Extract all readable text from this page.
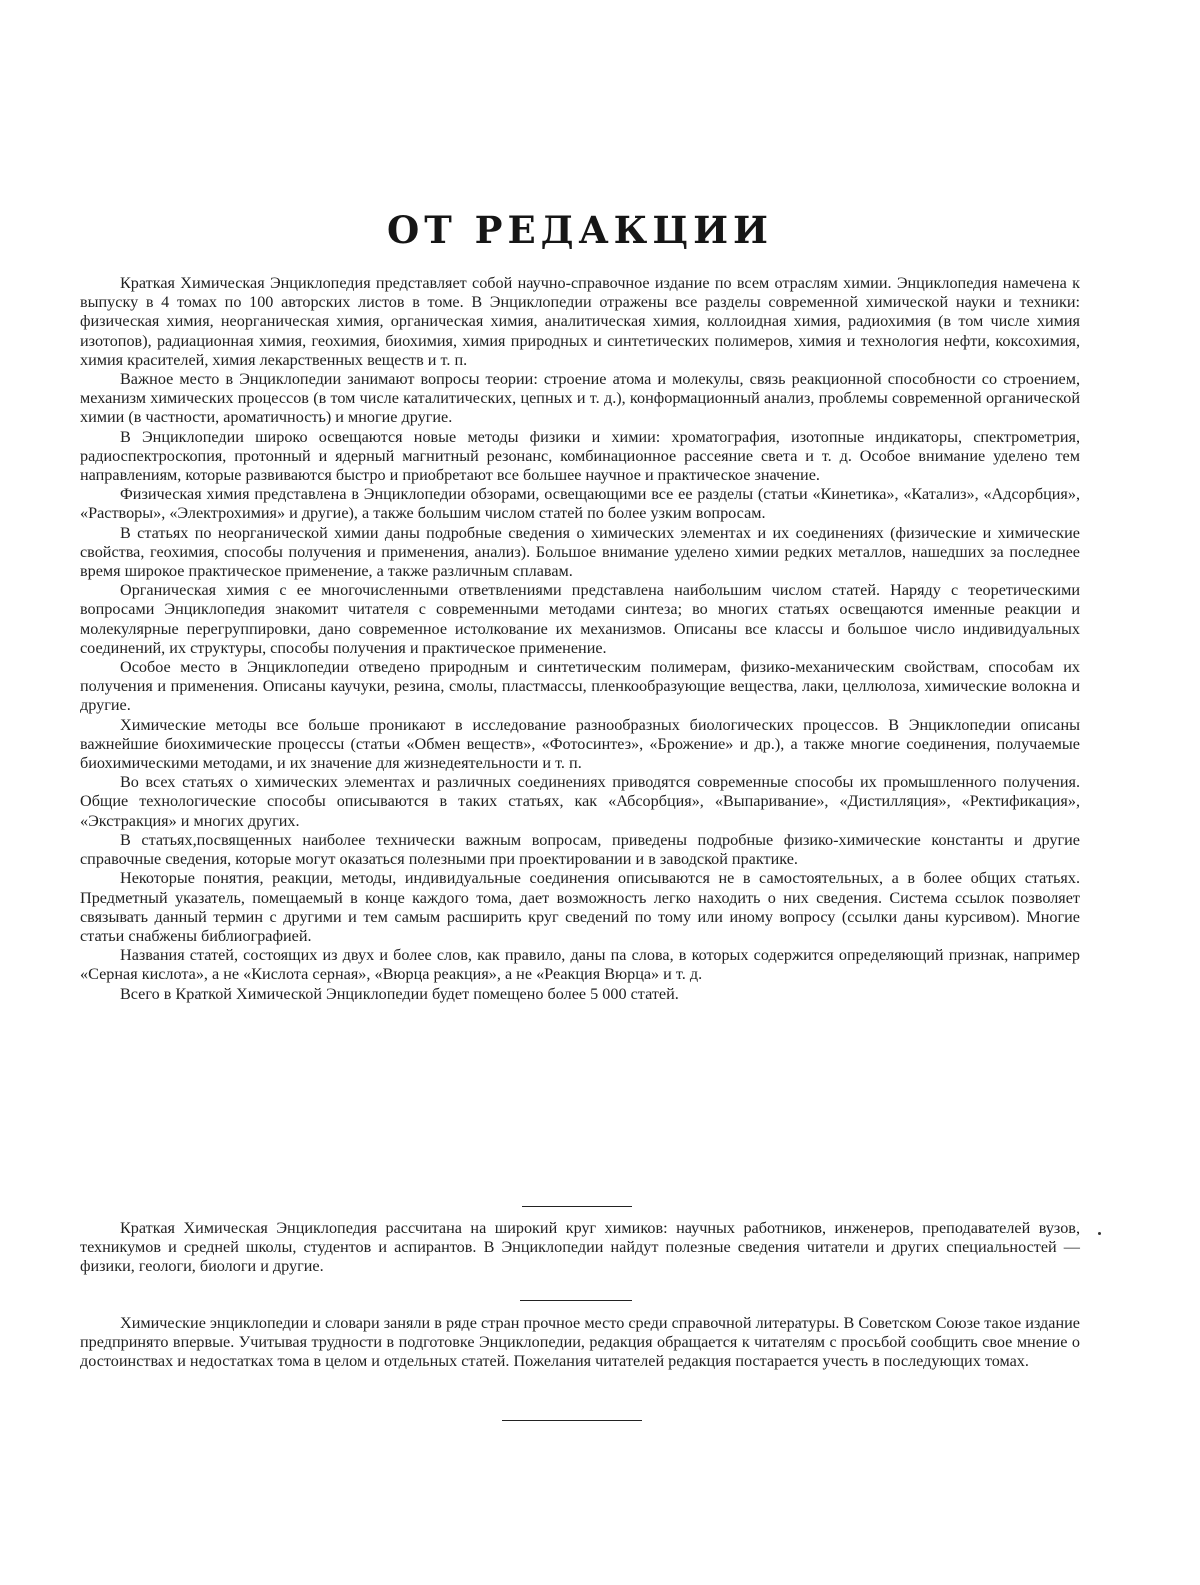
ОТ РЕДАКЦИИ

Краткая Химическая Энциклопедия представляет собой научно-справочное издание по всем отраслям химии. Энциклопедия намечена к выпуску в 4 томах по 100 авторских листов в томе. В Энциклопедии отражены все разделы современной химической науки и техники: физическая химия, неорганическая химия, органическая химия, аналитическая химия, коллоидная химия, радиохимия (в том числе химия изотопов), радиационная химия, геохимия, биохимия, химия природных и синтетических полимеров, химия и технология нефти, коксохимия, химия красителей, химия лекарственных веществ и т. п.

Важное место в Энциклопедии занимают вопросы теории: строение атома и молекулы, связь реакционной способности со строением, механизм химических процессов (в том числе каталитических, цепных и т. д.), конформационный анализ, проблемы современной органической химии (в частности, ароматичность) и многие другие.

В Энциклопедии широко освещаются новые методы физики и химии: хроматография, изотопные индикаторы, спектрометрия, радиоспектроскопия, протонный и ядерный магнитный резонанс, комбинационное рассеяние света и т. д. Особое внимание уделено тем направлениям, которые развиваются быстро и приобретают все большее научное и практическое значение.

Физическая химия представлена в Энциклопедии обзорами, освещающими все ее разделы (статьи «Кинетика», «Катализ», «Адсорбция», «Растворы», «Электрохимия» и другие), а также большим числом статей по более узким вопросам.

В статьях по неорганической химии даны подробные сведения о химических элементах и их соединениях (физические и химические свойства, геохимия, способы получения и применения, анализ). Большое внимание уделено химии редких металлов, нашедших за последнее время широкое практическое применение, а также различным сплавам.

Органическая химия с ее многочисленными ответвлениями представлена наибольшим числом статей. Наряду с теоретическими вопросами Энциклопедия знакомит читателя с современными методами синтеза; во многих статьях освещаются именные реакции и молекулярные перегруппировки, дано современное истолкование их механизмов. Описаны все классы и большое число индивидуальных соединений, их структуры, способы получения и практическое применение.

Особое место в Энциклопедии отведено природным и синтетическим полимерам, физико-механическим свойствам, способам их получения и применения. Описаны каучуки, резина, смолы, пластмассы, пленкообразующие вещества, лаки, целлюлоза, химические волокна и другие.

Химические методы все больше проникают в исследование разнообразных биологических процессов. В Энциклопедии описаны важнейшие биохимические процессы (статьи «Обмен веществ», «Фотосинтез», «Брожение» и др.), а также многие соединения, получаемые биохимическими методами, и их значение для жизнедеятельности и т. п.

Во всех статьях о химических элементах и различных соединениях приводятся современные способы их промышленного получения. Общие технологические способы описываются в таких статьях, как «Абсорбция», «Выпаривание», «Дистилляция», «Ректификация», «Экстракция» и многих других.

В статьях,посвященных наиболее технически важным вопросам, приведены подробные физико-химические константы и другие справочные сведения, которые могут оказаться полезными при проектировании и в заводской практике.

Некоторые понятия, реакции, методы, индивидуальные соединения описываются не в самостоятельных, а в более общих статьях. Предметный указатель, помещаемый в конце каждого тома, дает возможность легко находить о них сведения. Система ссылок позволяет связывать данный термин с другими и тем самым расширить круг сведений по тому или иному вопросу (ссылки даны курсивом). Многие статьи снабжены библиографией.

Названия статей, состоящих из двух и более слов, как правило, даны па слова, в которых содержится определяющий признак, например «Серная кислота», а не «Кислота серная», «Вюрца реакция», а не «Реакция Вюрца» и т. д.

Всего в Краткой Химической Энциклопедии будет помещено более 5 000 статей.

Краткая Химическая Энциклопедия рассчитана на широкий круг химиков: научных работников, инженеров, преподавателей вузов, техникумов и средней школы, студентов и аспирантов. В Энциклопедии найдут полезные сведения читатели и других специальностей — физики, геологи, биологи и другие.

Химические энциклопедии и словари заняли в ряде стран прочное место среди справочной литературы. В Советском Союзе такое издание предпринято впервые. Учитывая трудности в подготовке Энциклопедии, редакция обращается к читателям с просьбой сообщить свое мнение о достоинствах и недостатках тома в целом и отдельных статей. Пожелания читателей редакция постарается учесть в последующих томах.
